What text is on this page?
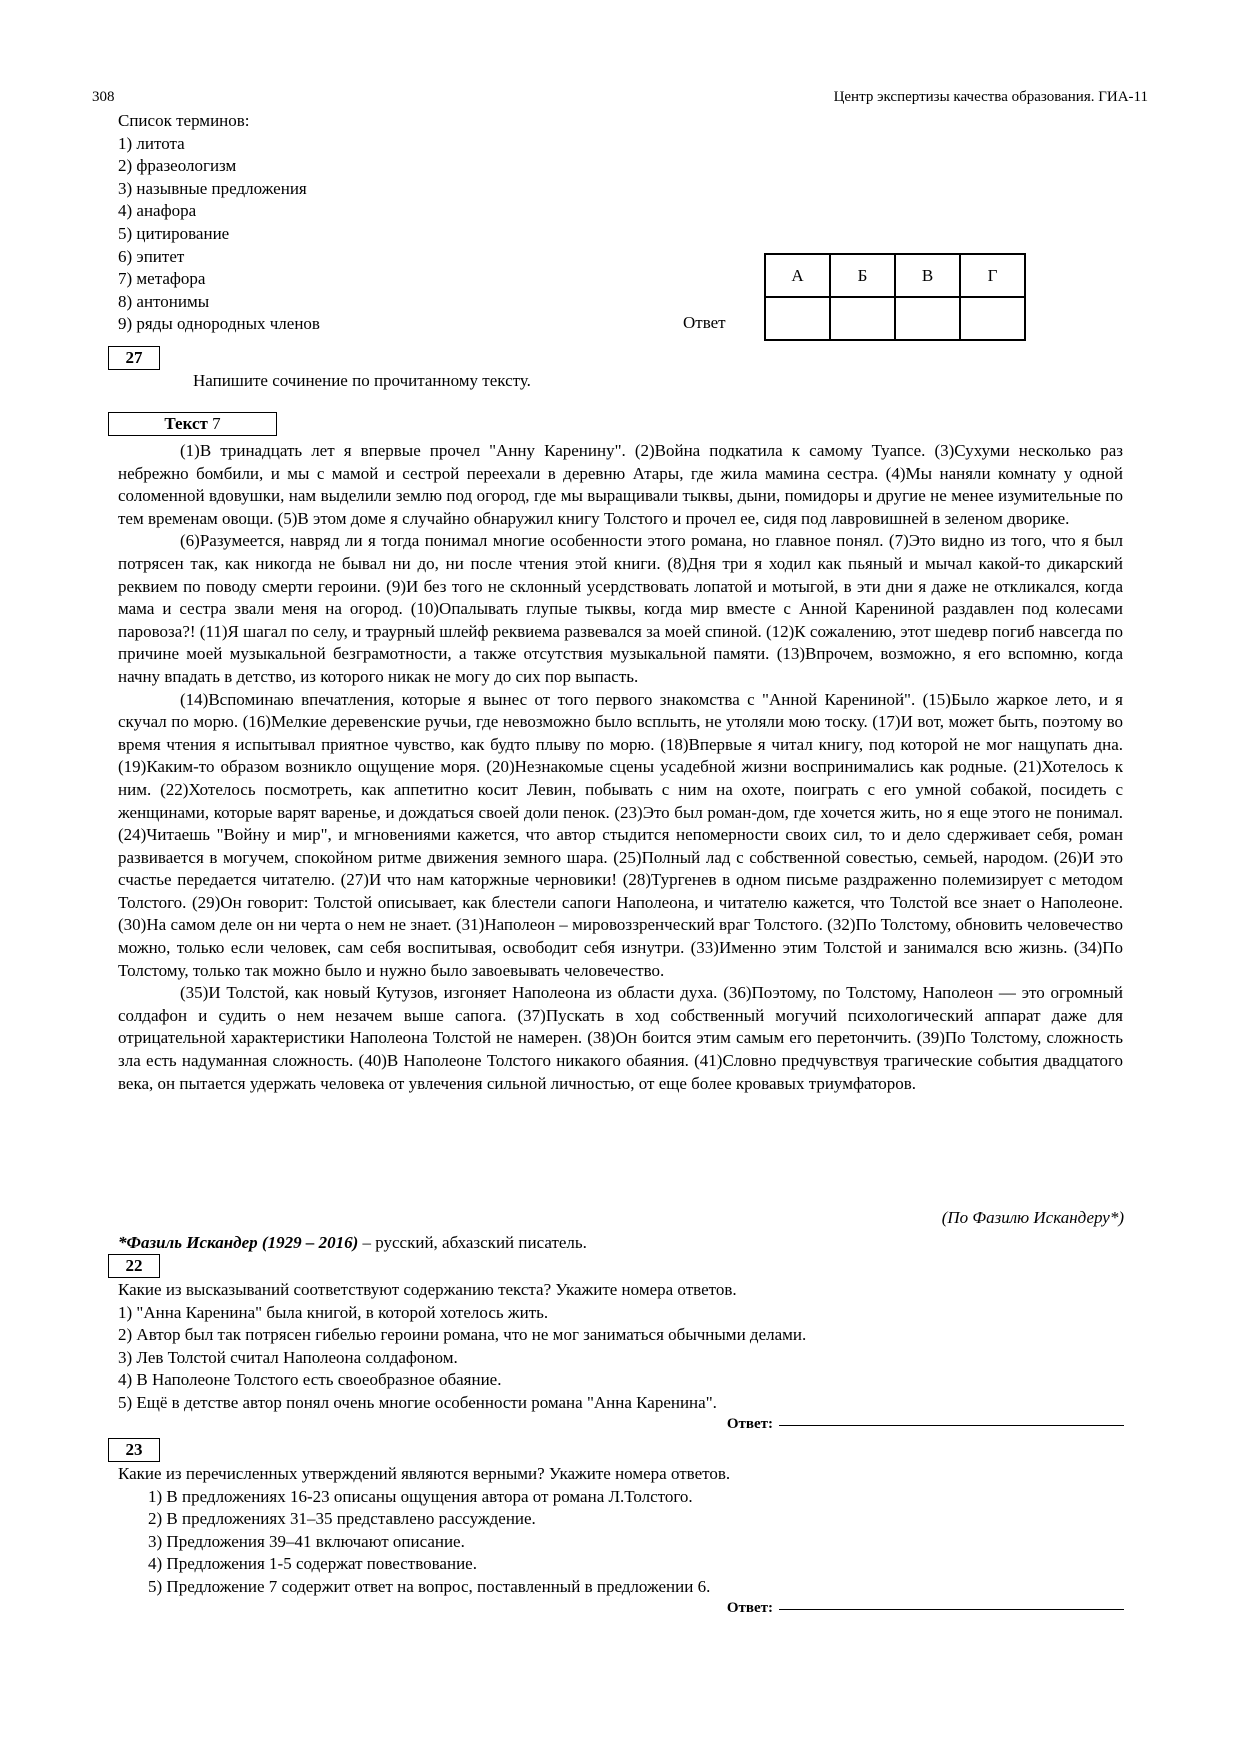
308	Центр экспертизы качества образования. ГИА-11
Список терминов:
1) литота
2) фразеологизм
3) назывные предложения
4) анафора
5) цитирование
6) эпитет
7) метафора
8) антонимы
9) ряды однородных членов	Ответ
А	Б	В	Г

27
Напишите сочинение по прочитанному тексту.
Текст 7

(1)В тринадцать лет я впервые прочел "Анну Каренину". (2)Война подкатила к самому Туапсе. (3)Сухуми несколько раз небрежно бомбили, и мы с мамой и сестрой переехали в деревню Атары, где жила мамина сестра. (4)Мы наняли комнату у одной соломенной вдовушки, нам выделили землю под огород, где мы выращивали тыквы, дыни, помидоры и другие не менее изумительные по тем временам овощи. (5)В этом доме я случайно обнаружил книгу Толстого и прочел ее, сидя под лавровишней в зеленом дворике.

(6)Разумеется, навряд ли я тогда понимал многие особенности этого романа, но главное понял. (7)Это видно из того, что я был потрясен так, как никогда не бывал ни до, ни после чтения этой книги. (8)Дня три я ходил как пьяный и мычал какой-то дикарский реквием по поводу смерти героини. (9)И без того не склонный усердствовать лопатой и мотыгой, в эти дни я даже не откликался, когда мама и сестра звали меня на огород. (10)Опалывать глупые тыквы, когда мир вместе с Анной Карениной раздавлен под колесами паровоза?! (11)Я шагал по селу, и траурный шлейф реквиема развевался за моей спиной. (12)К сожалению, этот шедевр погиб навсегда по причине моей музыкальной безграмотности, а также отсутствия музыкальной памяти. (13)Впрочем, возможно, я его вспомню, когда начну впадать в детство, из которого никак не могу до сих пор выпасть.

(14)Вспоминаю впечатления, которые я вынес от того первого знакомства с "Анной Карениной". (15)Было жаркое лето, и я скучал по морю. (16)Мелкие деревенские ручьи, где невозможно было всплыть, не утоляли мою тоску. (17)И вот, может быть, поэтому во время чтения я испытывал приятное чувство, как будто плыву по морю. (18)Впервые я читал книгу, под которой не мог нащупать дна. (19)Каким-то образом возникло ощущение моря. (20)Незнакомые сцены усадебной жизни воспринимались как родные. (21)Хотелось к ним. (22)Хотелось посмотреть, как аппетитно косит Левин, побывать с ним на охоте, поиграть с его умной собакой, посидеть с женщинами, которые варят варенье, и дождаться своей доли пенок. (23)Это был роман-дом, где хочется жить, но я еще этого не понимал. (24)Читаешь "Войну и мир", и мгновениями кажется, что автор стыдится непомерности своих сил, то и дело сдерживает себя, роман развивается в могучем, спокойном ритме движения земного шара. (25)Полный лад с собственной совестью, семьей, народом. (26)И это счастье передается читателю. (27)И что нам каторжные черновики! (28)Тургенев в одном письме раздраженно полемизирует с методом Толстого. (29)Он говорит: Толстой описывает, как блестели сапоги Наполеона, и читателю кажется, что Толстой все знает о Наполеоне. (30)На самом деле он ни черта о нем не знает. (31)Наполеон – мировоззренческий враг Толстого. (32)По Толстому, обновить человечество можно, только если человек, сам себя воспитывая, освободит себя изнутри. (33)Именно этим Толстой и занимался всю жизнь. (34)По Толстому, только так можно было и нужно было завоевывать человечество.

(35)И Толстой, как новый Кутузов, изгоняет Наполеона из области духа. (36)Поэтому, по Толстому, Наполеон — это огромный солдафон и судить о нем незачем выше сапога. (37)Пускать в ход собственный могучий психологический аппарат даже для отрицательной характеристики Наполеона Толстой не намерен. (38)Он боится этим самым его перетончить. (39)По Толстому, сложность зла есть надуманная сложность. (40)В Наполеоне Толстого никакого обаяния. (41)Словно предчувствуя трагические события двадцатого века, он пытается удержать человека от увлечения сильной личностью, от еще более кровавых триумфаторов.

(По Фазилю Искандеру*)
*Фазиль Искандер (1929 – 2016) – русский, абхазский писатель.
22
Какие из высказываний соответствуют содержанию текста? Укажите номера ответов.
1) "Анна Каренина" была книгой, в которой хотелось жить.
2) Автор был так потрясен гибелью героини романа, что не мог заниматься обычными делами.
3) Лев Толстой считал Наполеона солдафоном.
4) В Наполеоне Толстого есть своеобразное обаяние.
5) Ещё в детстве автор понял очень многие особенности романа "Анна Каренина".
Ответ:
23
Какие из перечисленных утверждений являются верными? Укажите номера ответов.
1) В предложениях 16-23 описаны ощущения автора от романа Л.Толстого.
2) В предложениях 31–35 представлено рассуждение.
3) Предложения 39–41 включают описание.
4) Предложения 1-5 содержат повествование.
5) Предложение 7 содержит ответ на вопрос, поставленный в предложении 6.
Ответ:
